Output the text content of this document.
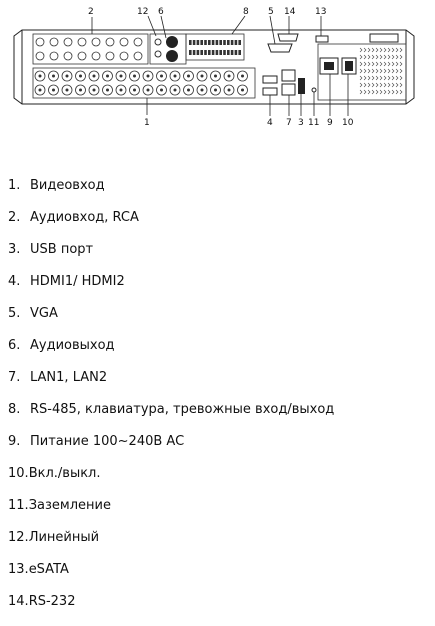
2	12 6	8 5 14 13
1	4 7 3 11 9 10
1. Видеовход
2. Аудиовход, RCA
3. USB порт
4. HDMI1/ HDMI2
5. VGA
6. Аудиовыход
7. LAN1, LAN2
8. RS-485, клавиатура, тревожные вход/выход
9. Питание 100~240В AC
10.Вкл./выкл.
11.Заземление
12.Линейный
13.eSATA
14.RS-232
